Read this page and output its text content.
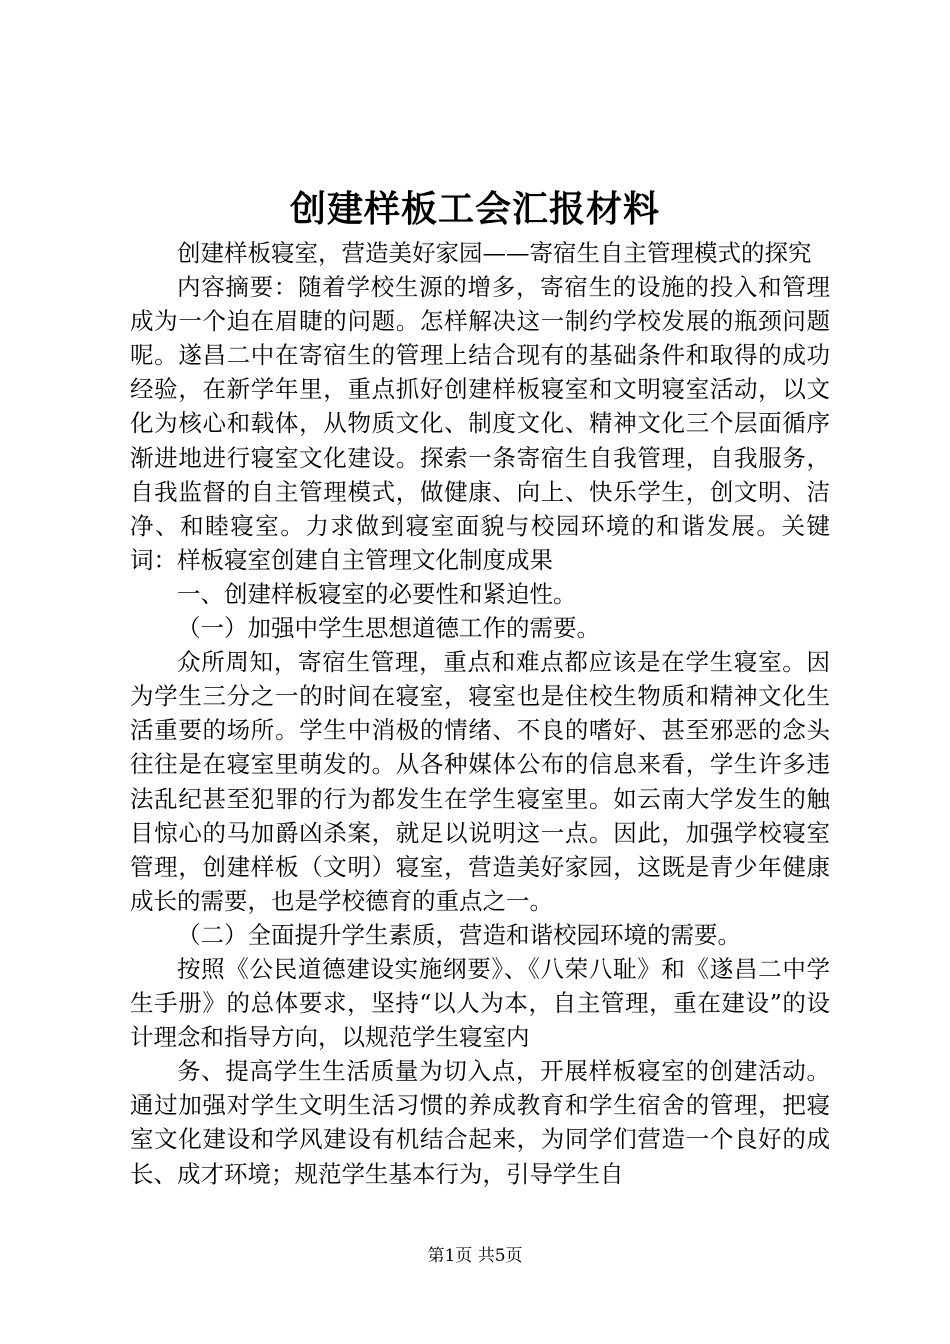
创建样板工会汇报材料

创建样板寝室，营造美好家园——寄宿生自主管理模式的探究

内容摘要：随着学校生源的增多，寄宿生的设施的投入和管理成为一个迫在眉睫的问题。怎样解决这一制约学校发展的瓶颈问题呢。遂昌二中在寄宿生的管理上结合现有的基础条件和取得的成功经验，在新学年里，重点抓好创建样板寝室和文明寝室活动，以文化为核心和载体，从物质文化、制度文化、精神文化三个层面循序渐进地进行寝室文化建设。探索一条寄宿生自我管理，自我服务，自我监督的自主管理模式，做健康、向上、快乐学生，创文明、洁净、和睦寝室。力求做到寝室面貌与校园环境的和谐发展。关键词：样板寝室创建自主管理文化制度成果

一、创建样板寝室的必要性和紧迫性。

（一）加强中学生思想道德工作的需要。

众所周知，寄宿生管理，重点和难点都应该是在学生寝室。因为学生三分之一的时间在寝室，寝室也是住校生物质和精神文化生活重要的场所。学生中消极的情绪、不良的嗜好、甚至邪恶的念头往往是在寝室里萌发的。从各种媒体公布的信息来看，学生许多违法乱纪甚至犯罪的行为都发生在学生寝室里。如云南大学发生的触目惊心的马加爵凶杀案，就足以说明这一点。因此，加强学校寝室管理，创建样板（文明）寝室，营造美好家园，这既是青少年健康成长的需要，也是学校德育的重点之一。

（二）全面提升学生素质，营造和谐校园环境的需要。

按照《公民道德建设实施纲要》、《八荣八耻》和《遂昌二中学生手册》的总体要求，坚持“以人为本，自主管理，重在建设”的设计理念和指导方向，以规范学生寝室内

务、提高学生生活质量为切入点，开展样板寝室的创建活动。通过加强对学生文明生活习惯的养成教育和学生宿舍的管理，把寝室文化建设和学风建设有机结合起来，为同学们营造一个良好的成长、成才环境；规范学生基本行为，引导学生自

第1页 共5页
